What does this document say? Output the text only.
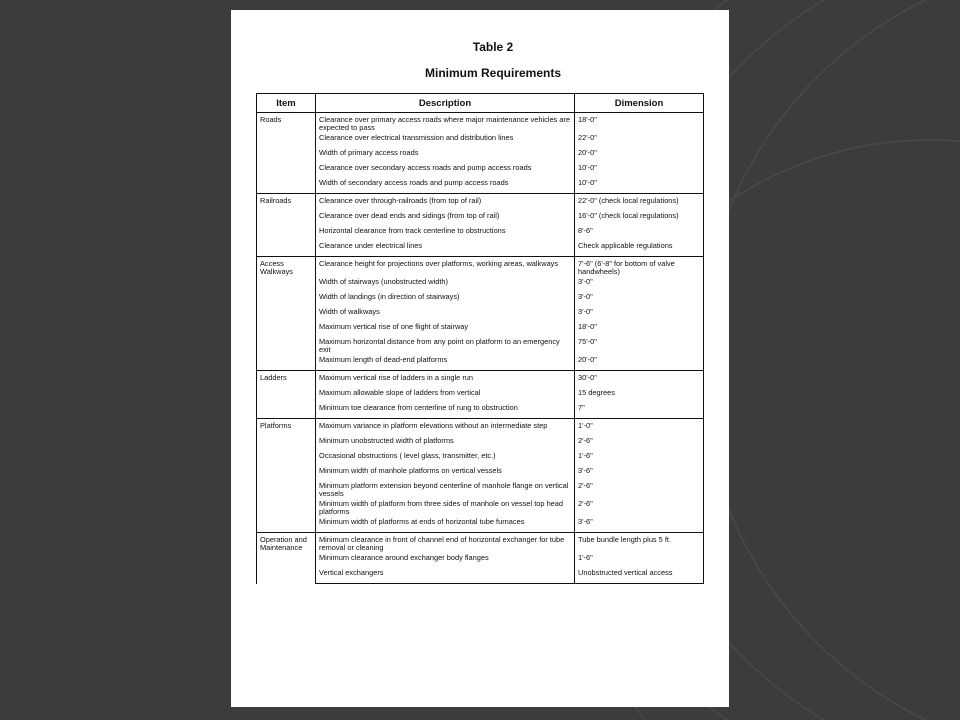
Table 2
Minimum Requirements
Item	Description	Dimension
Roads	Clearance over primary access roads where major maintenance vehicles are expected to pass	18'-0"
	Clearance over electrical transmission and distribution lines	22'-0"
	Width of primary access roads	20'-0"
	Clearance over secondary access roads and pump access roads	10'-0"
	Width of secondary access roads and pump access roads	10'-0"
Railroads	Clearance over through-railroads (from top of rail)	22'-0" (check local regulations)
	Clearance over dead ends and sidings (from top of rail)	16'-0" (check local regulations)
	Horizontal clearance from track centerline to obstructions	8'-6"
	Clearance under electrical lines	Check applicable regulations
Access Walkways	Clearance height for projections over platforms, working areas, walkways	7'-6" (6'-8" for bottom of valve handwheels)
	Width of stairways (unobstructed width)	3'-0"
	Width of landings (in direction of stairways)	3'-0"
	Width of walkways	3'-0"
	Maximum vertical rise of one flight of stairway	18'-0"
	Maximum horizontal distance from any point on platform to an emergency exit	75'-0"
	Maximum length of dead-end platforms	20'-0"
Ladders	Maximum vertical rise of ladders in a single run	30'-0"
	Maximum allowable slope of ladders from vertical	15 degrees
	Minimum toe clearance from centerline of rung to obstruction	7"
Platforms	Maximum variance in platform elevations without an intermediate step	1'-0"
	Minimum unobstructed width of platforms	2'-6"
	Occasional obstructions ( level glass, transmitter, etc.)	1'-6"
	Minimum width of manhole platforms on vertical vessels	3'-6"
	Minimum platform extension beyond centerline of manhole flange on vertical vessels	2'-6"
	Minimum width of platform from three sides of manhole on vessel top head platforms	2'-6"
	Minimum width of platforms at ends of horizontal tube furnaces	3'-6"
Operation and Maintenance	Minimum clearance in front of channel end of horizontal exchanger for tube removal or cleaning	Tube bundle length plus 5 ft.
	Minimum clearance around exchanger body flanges	1'-6"
	Vertical exchangers	Unobstructed vertical access
